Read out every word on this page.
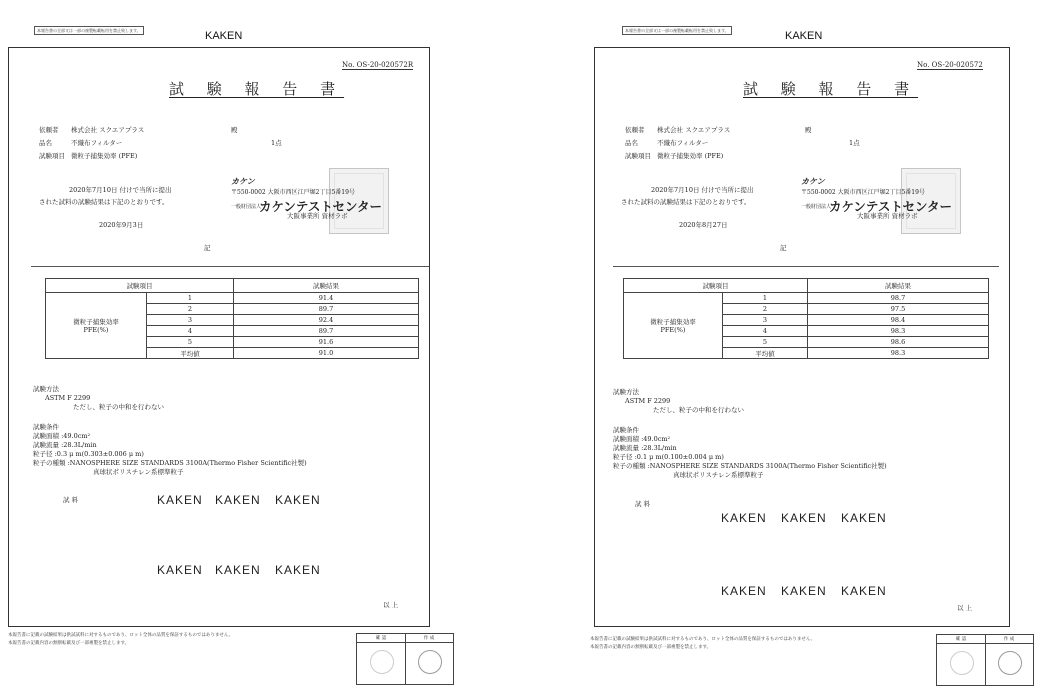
本報告書の全部又は一部の複製転載転用を禁止致します。	KAKEN
No. OS-20-020572R
試 験 報 告 書
依頼者 株式会社 スクエアプラス	殿
品名	不織布フィルター	1点
試験項目 微粒子捕集効率 (PFE)
2020年7月10日 付けで当所に提出
された試料の試験結果は下記のとおりです。
2020年9月3日
記
カケン
〒550-0002 大阪市西区江戸堀2丁目5番19号
一般財団法人
カケンテストセンター
大阪事業所 資材ラボ
試験項目		試験結果

微粒子捕集効率
PFE(%)	1	91.4
	2	89.7
	3	92.4
	4	89.7
	5	91.6
	平均値	91.0
試験方法
ASTM F 2299
ただし、粒子の中和を行わない
試験条件
試験面積 :49.0cm²
試験流量 :28.3L/min
粒子径 :0.3 μ m(0.303±0.006 μ m)
粒子の種類 :NANOSPHERE SIZE STANDARDS 3100A(Thermo Fisher Scientific社製)
真球状ポリスチレン系標準粒子
試 料	KAKEN KAKEN KAKEN
KAKEN KAKEN KAKEN
以 上
本報告書に記載の試験結果は供試試料に対するものであり、ロット全体の品質を保証するものではありません。
本報告書の記載内容の無断転載及び一部複製を禁止します。
確 認	作 成
本報告書の全部又は一部の複製転載転用を禁止致します。	KAKEN
No. OS-20-020572
試 験 報 告 書
依頼者 株式会社 スクエアプラス	殿
品名	不織布フィルター	1点
試験項目 微粒子捕集効率 (PFE)
2020年7月10日 付けで当所に提出
された試料の試験結果は下記のとおりです。
2020年8月27日
記
カケン
〒550-0002 大阪市西区江戸堀2丁目5番19号
一般財団法人
カケンテストセンター
大阪事業所 資材ラボ
試験項目		試験結果

微粒子捕集効率
PFE(%)	1	98.7
	2	97.5
	3	98.4
	4	98.3
	5	98.6
	平均値	98.3
試験方法
ASTM F 2299
ただし、粒子の中和を行わない
試験条件
試験面積 :49.0cm²
試験流量 :28.3L/min
粒子径 :0.1 μ m(0.100±0.004 μ m)
粒子の種類 :NANOSPHERE SIZE STANDARDS 3100A(Thermo Fisher Scientific社製)
真球状ポリスチレン系標準粒子
試 料
KAKEN KAKEN KAKEN
KAKEN KAKEN KAKEN
以 上
本報告書に記載の試験結果は供試試料に対するものであり、ロット全体の品質を保証するものではありません。
本報告書の記載内容の無断転載及び一部複製を禁止します。
確 認	作 成
